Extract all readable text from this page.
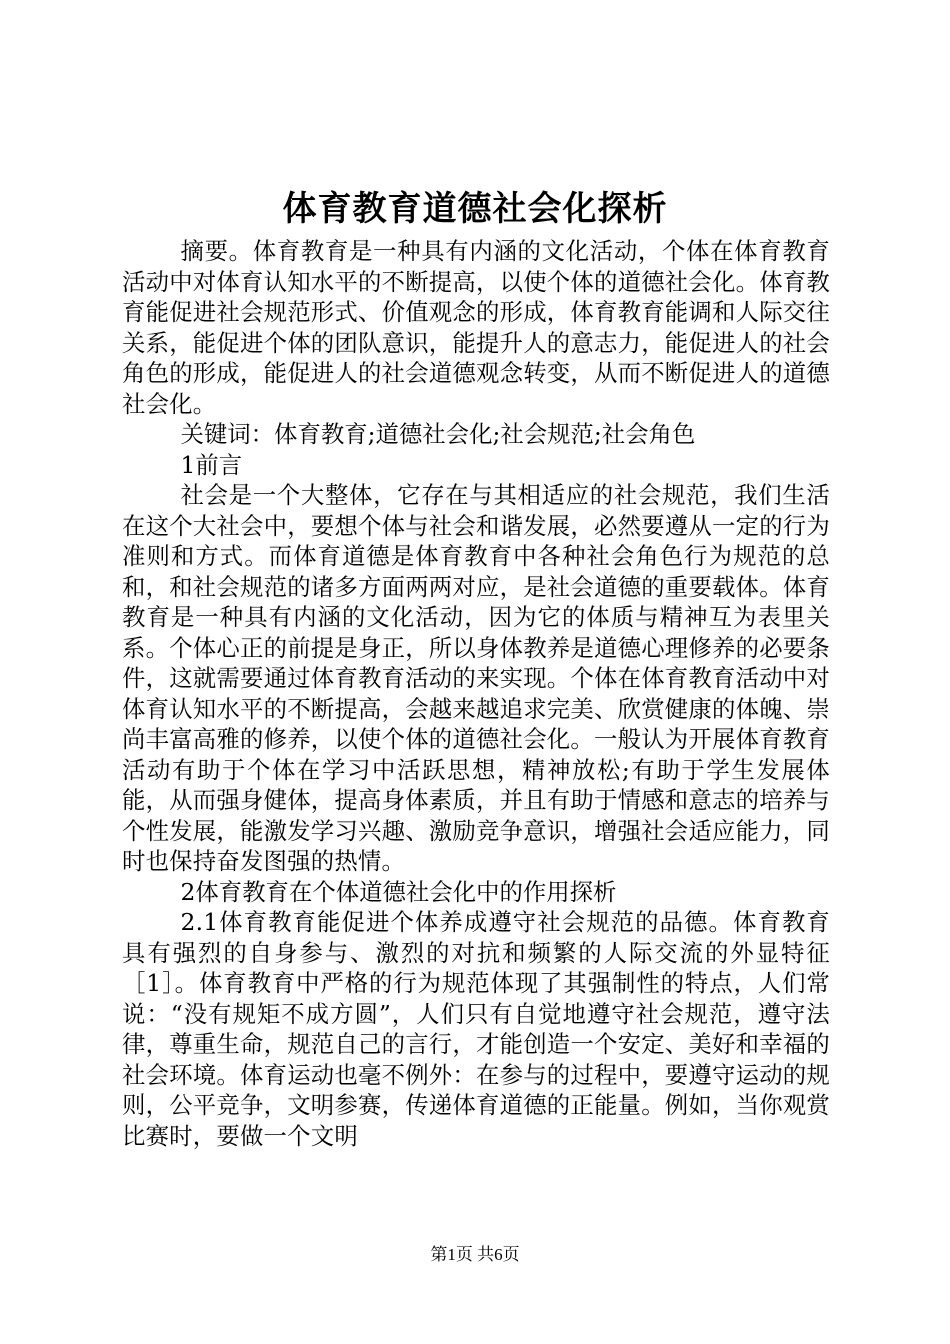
体育教育道德社会化探析

摘要。体育教育是一种具有内涵的文化活动，个体在体育教育活动中对体育认知水平的不断提高，以使个体的道德社会化。体育教育能促进社会规范形式、价值观念的形成，体育教育能调和人际交往关系，能促进个体的团队意识，能提升人的意志力，能促进人的社会角色的形成，能促进人的社会道德观念转变，从而不断促进人的道德社会化。

关键词：体育教育;道德社会化;社会规范;社会角色

1前言

社会是一个大整体，它存在与其相适应的社会规范，我们生活在这个大社会中，要想个体与社会和谐发展，必然要遵从一定的行为准则和方式。而体育道德是体育教育中各种社会角色行为规范的总和，和社会规范的诸多方面两两对应，是社会道德的重要载体。体育教育是一种具有内涵的文化活动，因为它的体质与精神互为表里关系。个体心正的前提是身正，所以身体教养是道德心理修养的必要条件，这就需要通过体育教育活动的来实现。个体在体育教育活动中对体育认知水平的不断提高，会越来越追求完美、欣赏健康的体魄、崇尚丰富高雅的修养，以使个体的道德社会化。一般认为开展体育教育活动有助于个体在学习中活跃思想，精神放松;有助于学生发展体能，从而强身健体，提高身体素质，并且有助于情感和意志的培养与个性发展，能激发学习兴趣、激励竞争意识，增强社会适应能力，同时也保持奋发图强的热情。

2体育教育在个体道德社会化中的作用探析

2.1体育教育能促进个体养成遵守社会规范的品德。体育教育具有强烈的自身参与、激烈的对抗和频繁的人际交流的外显特征［1］。体育教育中严格的行为规范体现了其强制性的特点，人们常说：“没有规矩不成方圆”，人们只有自觉地遵守社会规范，遵守法律，尊重生命，规范自己的言行，才能创造一个安定、美好和幸福的社会环境。体育运动也毫不例外：在参与的过程中，要遵守运动的规则，公平竞争，文明参赛，传递体育道德的正能量。例如，当你观赏比赛时，要做一个文明

第1页 共6页
